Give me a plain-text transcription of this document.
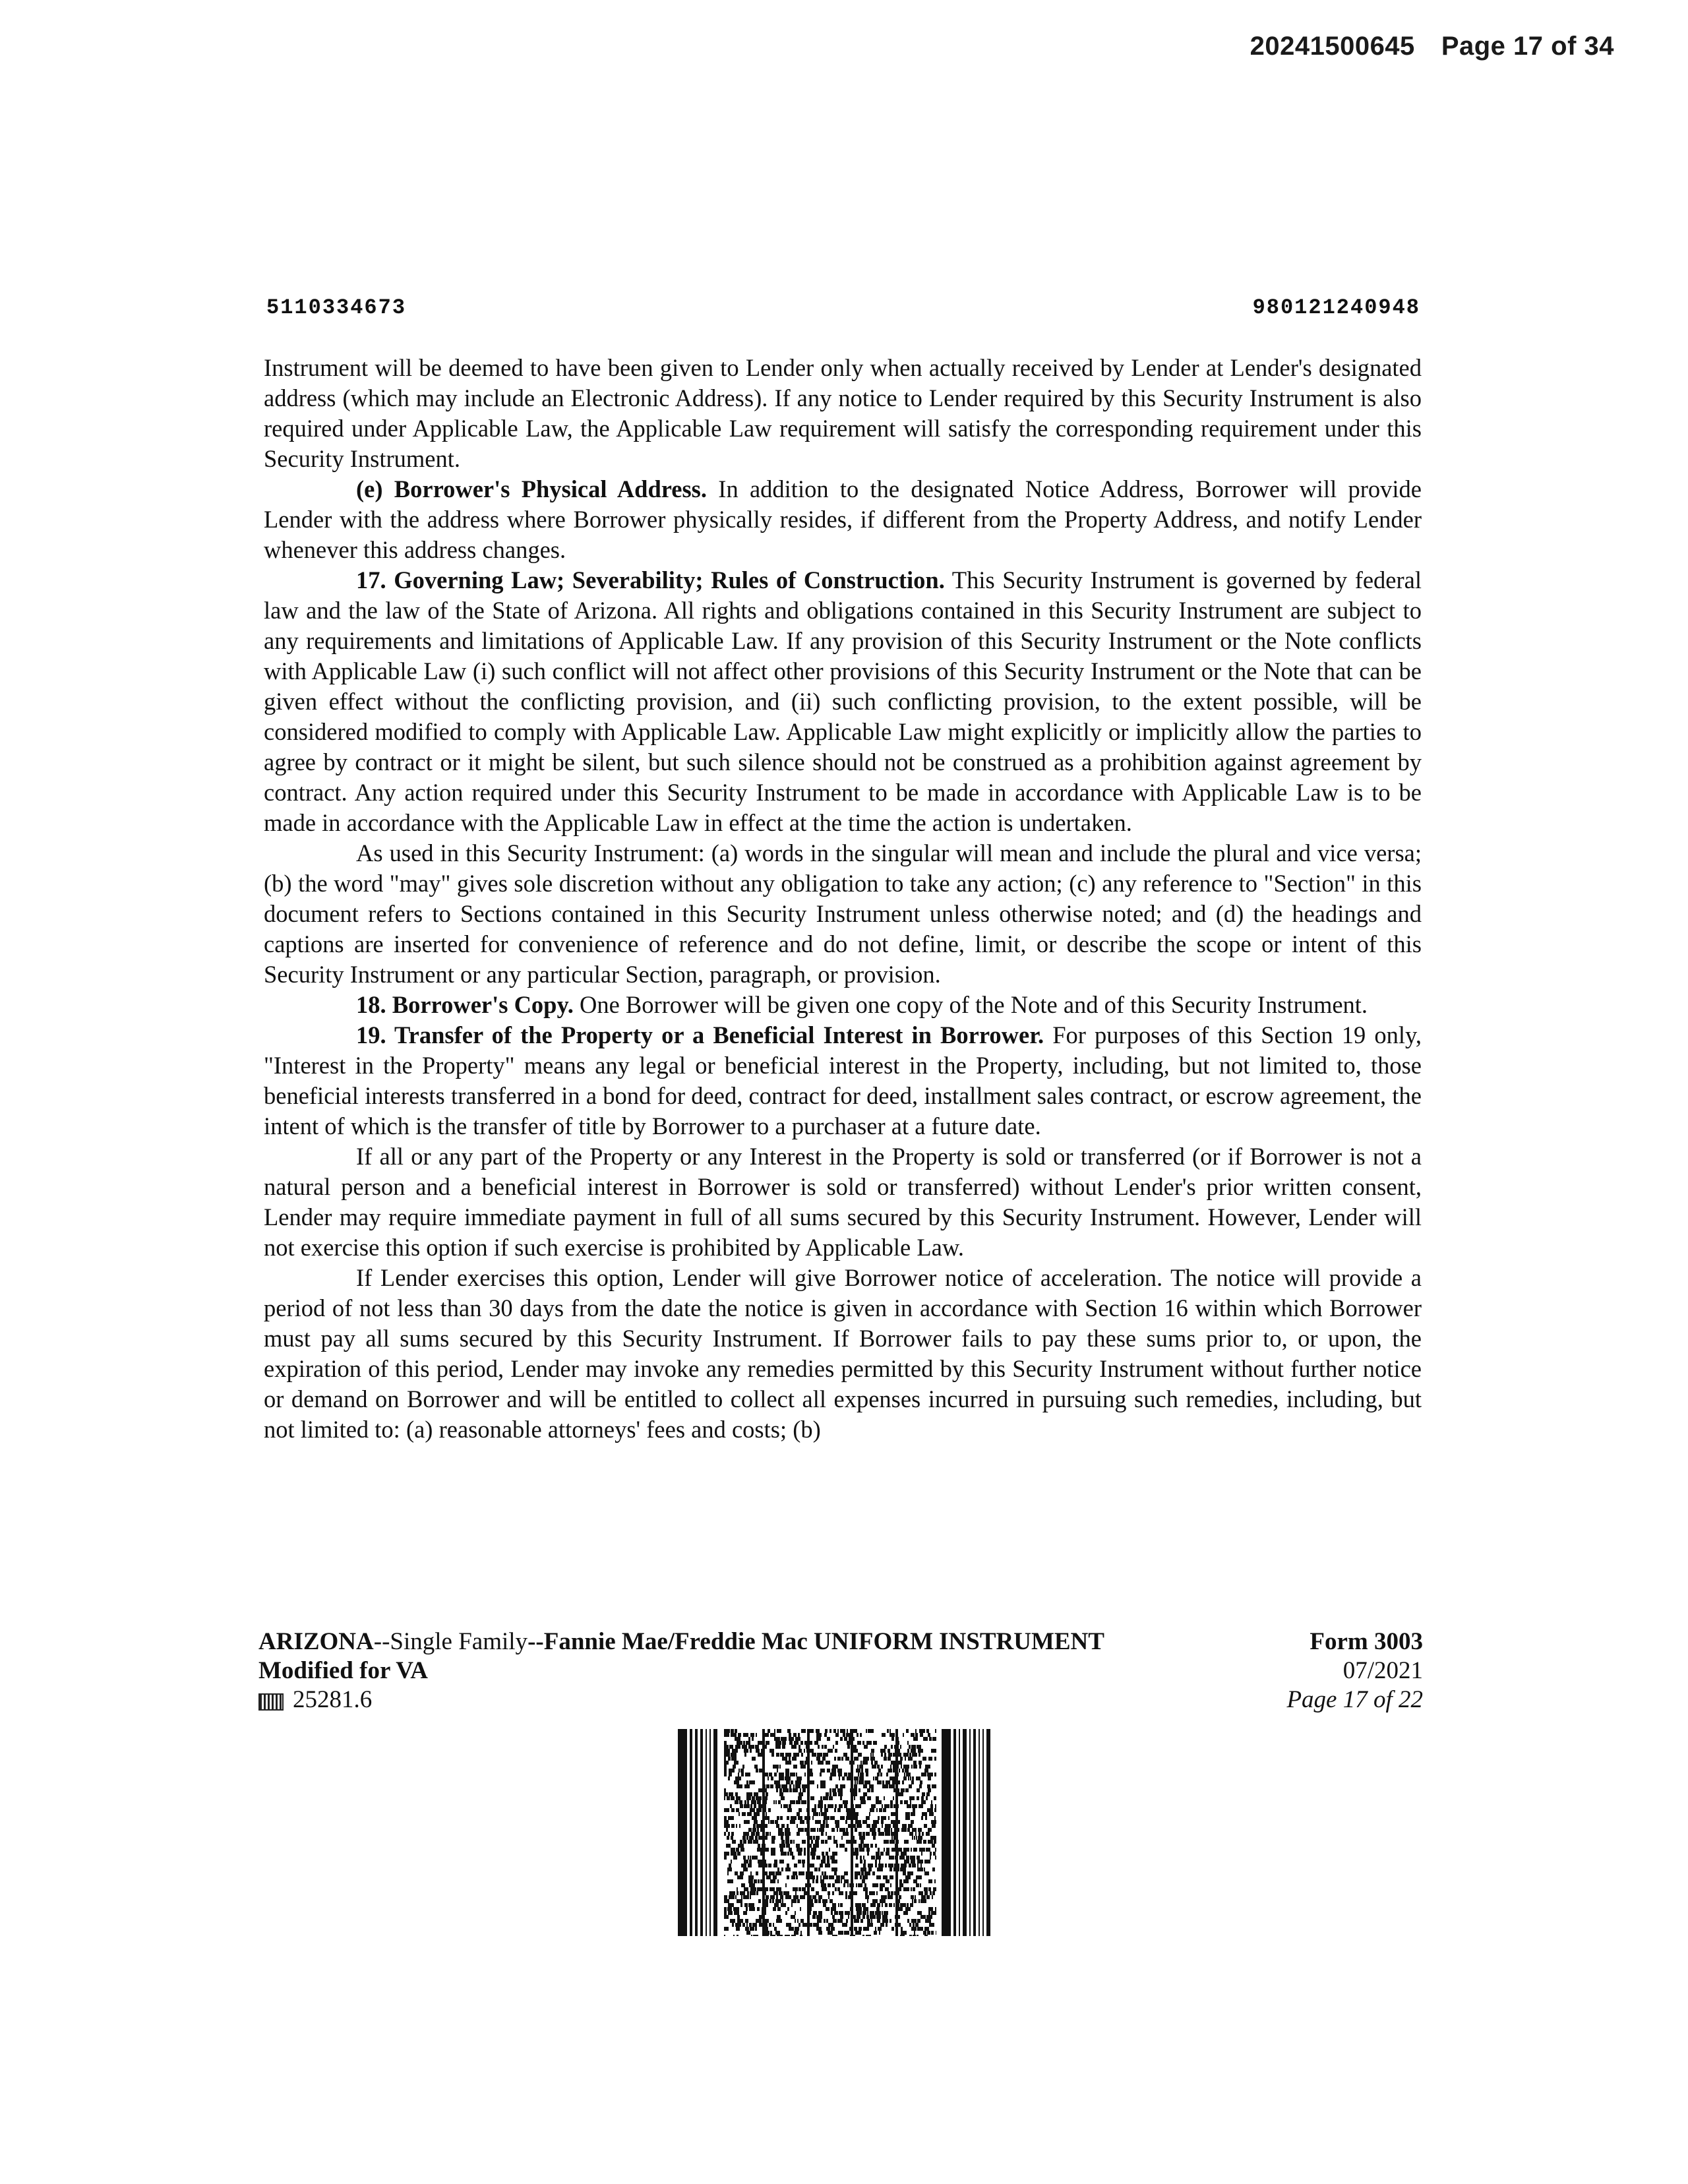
20241500645 Page 17 of 34
5110334673	980121240948

Instrument will be deemed to have been given to Lender only when actually received by Lender at Lender's designated address (which may include an Electronic Address). If any notice to Lender required by this Security Instrument is also required under Applicable Law, the Applicable Law requirement will satisfy the corresponding requirement under this Security Instrument.

(e) Borrower's Physical Address. In addition to the designated Notice Address, Borrower will provide Lender with the address where Borrower physically resides, if different from the Property Address, and notify Lender whenever this address changes.

17. Governing Law; Severability; Rules of Construction. This Security Instrument is governed by federal law and the law of the State of Arizona. All rights and obligations contained in this Security Instrument are subject to any requirements and limitations of Applicable Law. If any provision of this Security Instrument or the Note conflicts with Applicable Law (i) such conflict will not affect other provisions of this Security Instrument or the Note that can be given effect without the conflicting provision, and (ii) such conflicting provision, to the extent possible, will be considered modified to comply with Applicable Law. Applicable Law might explicitly or implicitly allow the parties to agree by contract or it might be silent, but such silence should not be construed as a prohibition against agreement by contract. Any action required under this Security Instrument to be made in accordance with Applicable Law is to be made in accordance with the Applicable Law in effect at the time the action is undertaken.

As used in this Security Instrument: (a) words in the singular will mean and include the plural and vice versa; (b) the word "may" gives sole discretion without any obligation to take any action; (c) any reference to "Section" in this document refers to Sections contained in this Security Instrument unless otherwise noted; and (d) the headings and captions are inserted for convenience of reference and do not define, limit, or describe the scope or intent of this Security Instrument or any particular Section, paragraph, or provision.

18. Borrower's Copy. One Borrower will be given one copy of the Note and of this Security Instrument.

19. Transfer of the Property or a Beneficial Interest in Borrower. For purposes of this Section 19 only, "Interest in the Property" means any legal or beneficial interest in the Property, including, but not limited to, those beneficial interests transferred in a bond for deed, contract for deed, installment sales contract, or escrow agreement, the intent of which is the transfer of title by Borrower to a purchaser at a future date.

If all or any part of the Property or any Interest in the Property is sold or transferred (or if Borrower is not a natural person and a beneficial interest in Borrower is sold or transferred) without Lender's prior written consent, Lender may require immediate payment in full of all sums secured by this Security Instrument. However, Lender will not exercise this option if such exercise is prohibited by Applicable Law.

If Lender exercises this option, Lender will give Borrower notice of acceleration. The notice will provide a period of not less than 30 days from the date the notice is given in accordance with Section 16 within which Borrower must pay all sums secured by this Security Instrument. If Borrower fails to pay these sums prior to, or upon, the expiration of this period, Lender may invoke any remedies permitted by this Security Instrument without further notice or demand on Borrower and will be entitled to collect all expenses incurred in pursuing such remedies, including, but not limited to: (a) reasonable attorneys' fees and costs; (b)

ARIZONA--Single Family--Fannie Mae/Freddie Mac UNIFORM INSTRUMENT
Modified for VA
25281.6
Form 3003
07/2021
Page 17 of 22
